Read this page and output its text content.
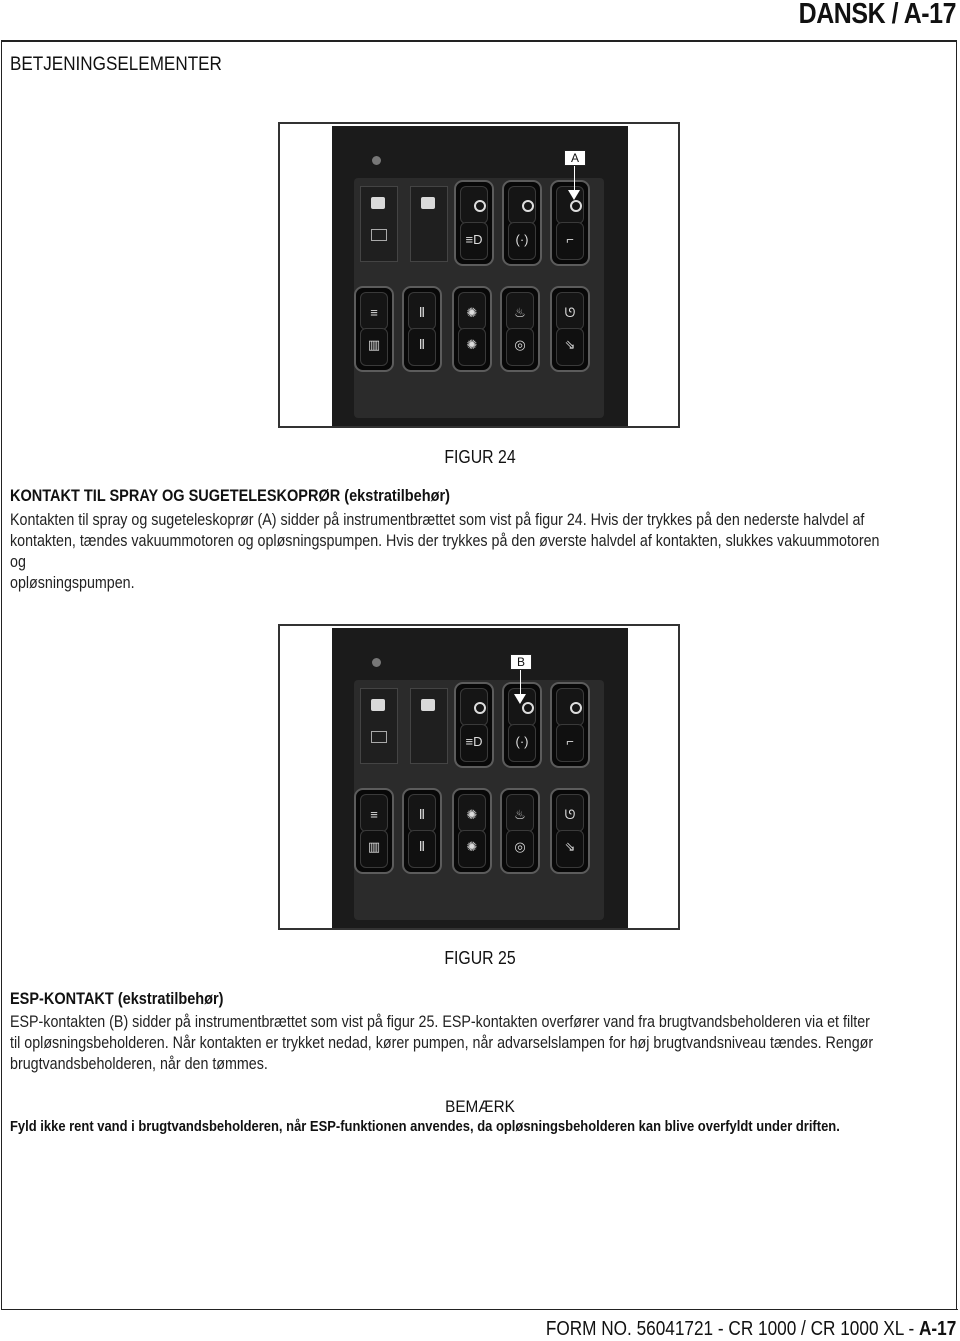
DANSK / A-17
BETJENINGSELEMENTER
≡D	(·)	⌐
≡
▥
Ⅱ
Ⅱ
✺
✺
♨
◎
ᘎ
⇘
A
FIGUR 24
KONTAKT TIL SPRAY OG SUGETELESKOPRØR (ekstratilbehør)
Kontakten til spray og sugeteleskoprør (A) sidder på instrumentbrættet som vist på figur 24. Hvis der trykkes på den nederste halvdel af
kontakten, tændes vakuummotoren og opløsningspumpen. Hvis der trykkes på den øverste halvdel af kontakten, slukkes vakuummotoren og
opløsningspumpen.
≡D	(·)	⌐
≡
▥
Ⅱ
Ⅱ
✺
✺
♨
◎
ᘎ
⇘
B
FIGUR 25
ESP-KONTAKT (ekstratilbehør)
ESP-kontakten (B) sidder på instrumentbrættet som vist på figur 25. ESP-kontakten overfører vand fra brugtvandsbeholderen via et filter
til opløsningsbeholderen. Når kontakten er trykket nedad, kører pumpen, når advarselslampen for høj brugtvandsniveau tændes. Rengør
brugtvandsbeholderen, når den tømmes.
BEMÆRK
Fyld ikke rent vand i brugtvandsbeholderen, når ESP-funktionen anvendes, da opløsningsbeholderen kan blive overfyldt under driften.
FORM NO. 56041721 - CR 1000 / CR 1000 XL - A-17
